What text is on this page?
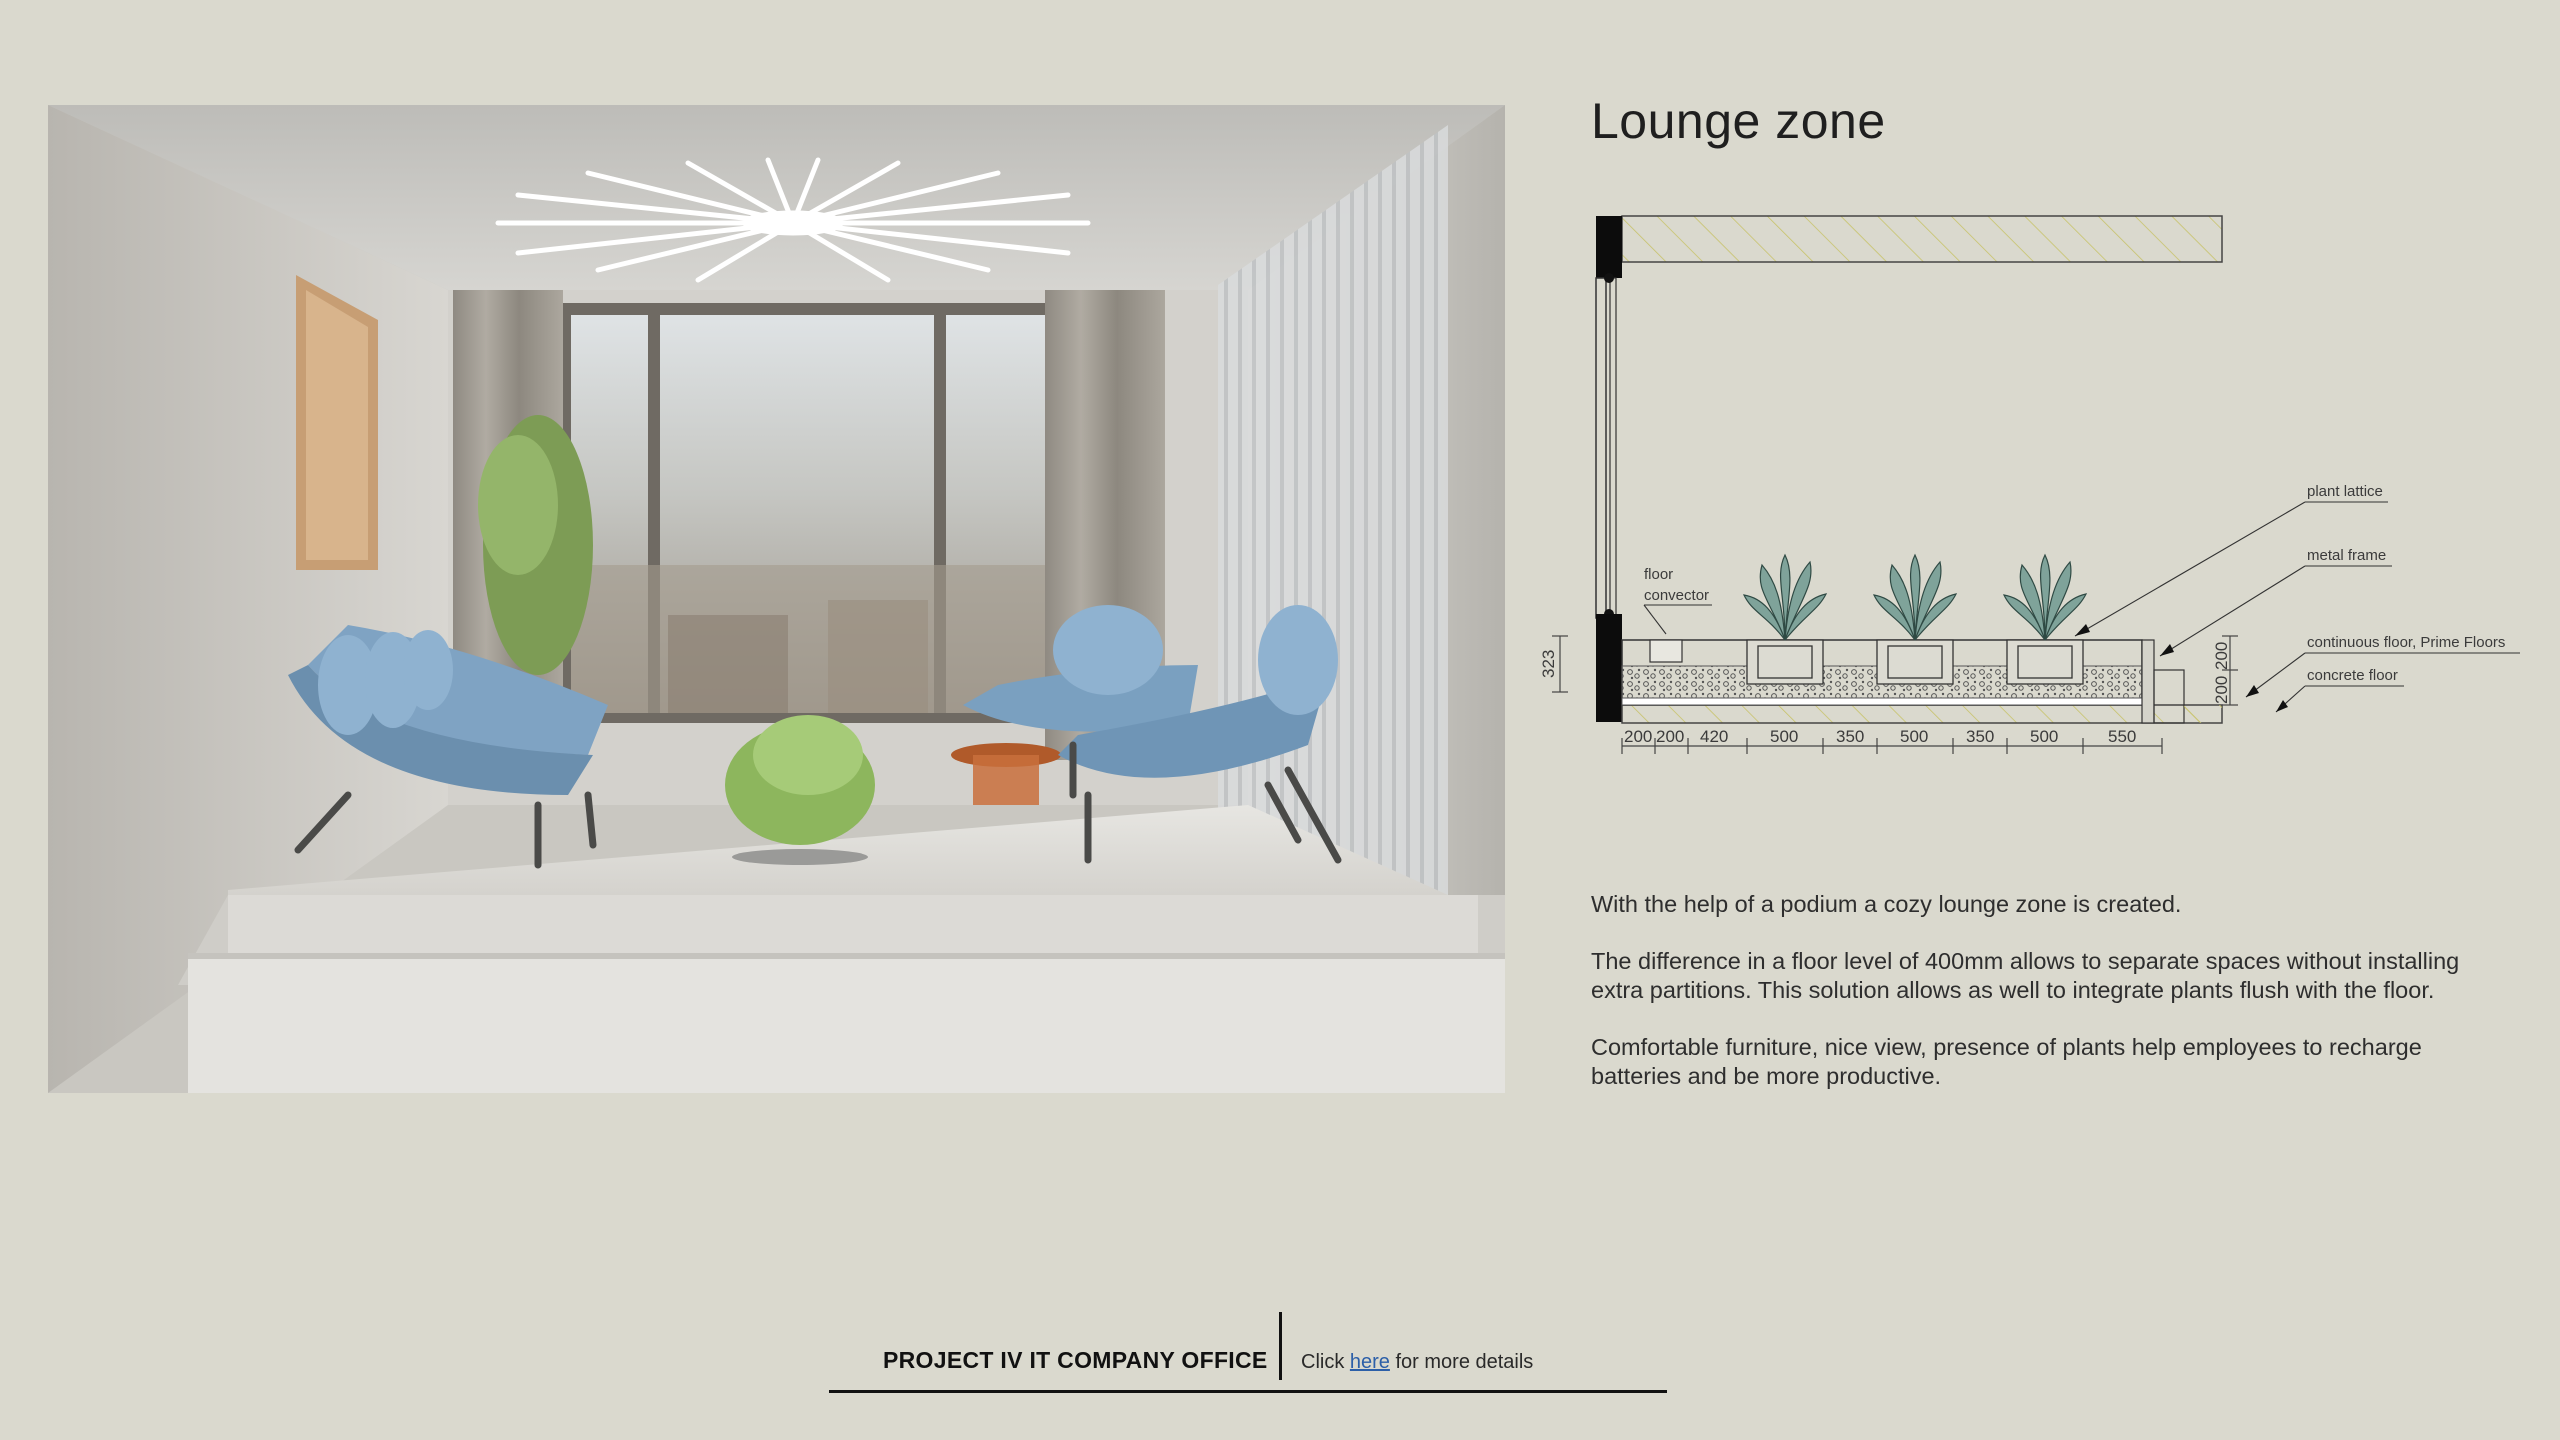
Lounge zone
200 200 420 500 350 500 350 500	550
323	200
200
floor
convector
plant lattice
metal frame
continuous floor, Prime Floors
concrete floor

With the help of a podium a cozy lounge zone is created.

The difference in a floor level of 400mm allows to separate spaces without installing extra partitions. This solution allows as well to integrate plants flush with the floor.

Comfortable furniture, nice view, presence of plants help employees to recharge batteries and be more productive.

PROJECT IV IT COMPANY OFFICE Click here for more details
